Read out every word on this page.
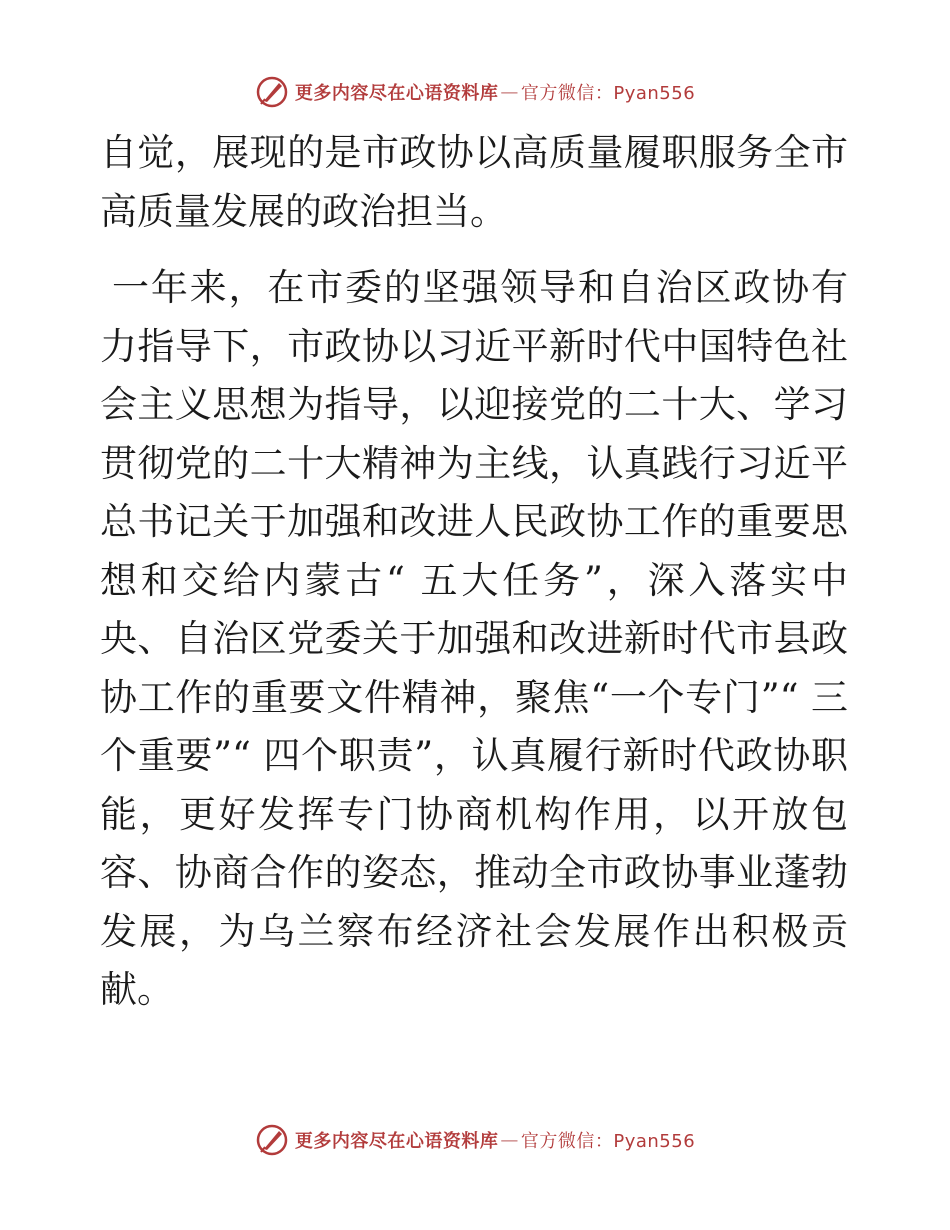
更多内容尽在心语资料库 — 官方微信：Pyan556

自觉，展现的是市政协以高质量履职服务全市高质量发展的政治担当。

一年来，在市委的坚强领导和自治区政协有力指导下，市政协以习近平新时代中国特色社会主义思想为指导，以迎接党的二十大、学习贯彻党的二十大精神为主线，认真践行习近平总书记关于加强和改进人民政协工作的重要思想和交给内蒙古“ 五大任务”，深入落实中央、自治区党委关于加强和改进新时代市县政协工作的重要文件精神，聚焦“一个专门”“ 三个重要”“ 四个职责”，认真履行新时代政协职能，更好发挥专门协商机构作用，以开放包容、协商合作的姿态，推动全市政协事业蓬勃发展，为乌兰察布经济社会发展作出积极贡献。

更多内容尽在心语资料库 — 官方微信：Pyan556
